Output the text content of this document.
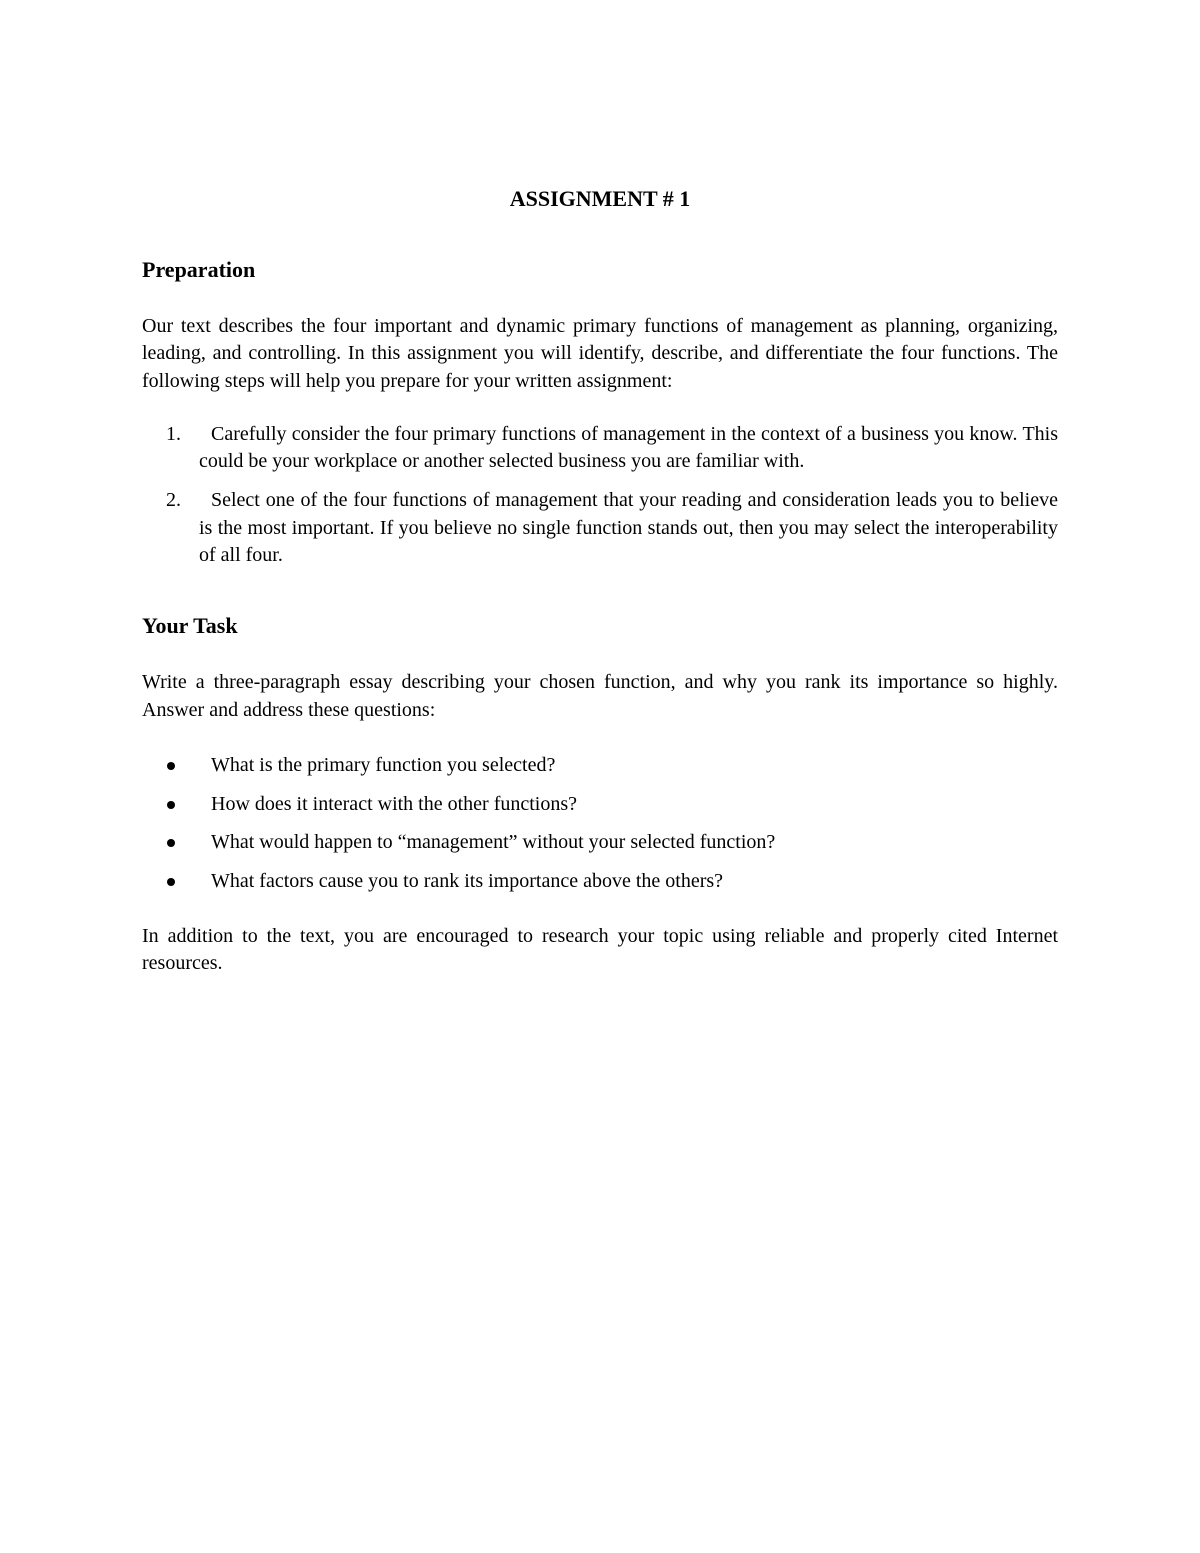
ASSIGNMENT # 1
Preparation

Our text describes the four important and dynamic primary functions of management as planning, organizing, leading, and controlling. In this assignment you will identify, describe, and differentiate the four functions. The following steps will help you prepare for your written assignment:

1. Carefully consider the four primary functions of management in the context of a business you know. This could be your workplace or another selected business you are familiar with.
2. Select one of the four functions of management that your reading and consideration leads you to believe is the most important. If you believe no single function stands out, then you may select the interoperability of all four.
Your Task

Write a three-paragraph essay describing your chosen function, and why you rank its importance so highly. Answer and address these questions:

What is the primary function you selected?
How does it interact with the other functions?
What would happen to “management” without your selected function?
What factors cause you to rank its importance above the others?

In addition to the text, you are encouraged to research your topic using reliable and properly cited Internet resources.
